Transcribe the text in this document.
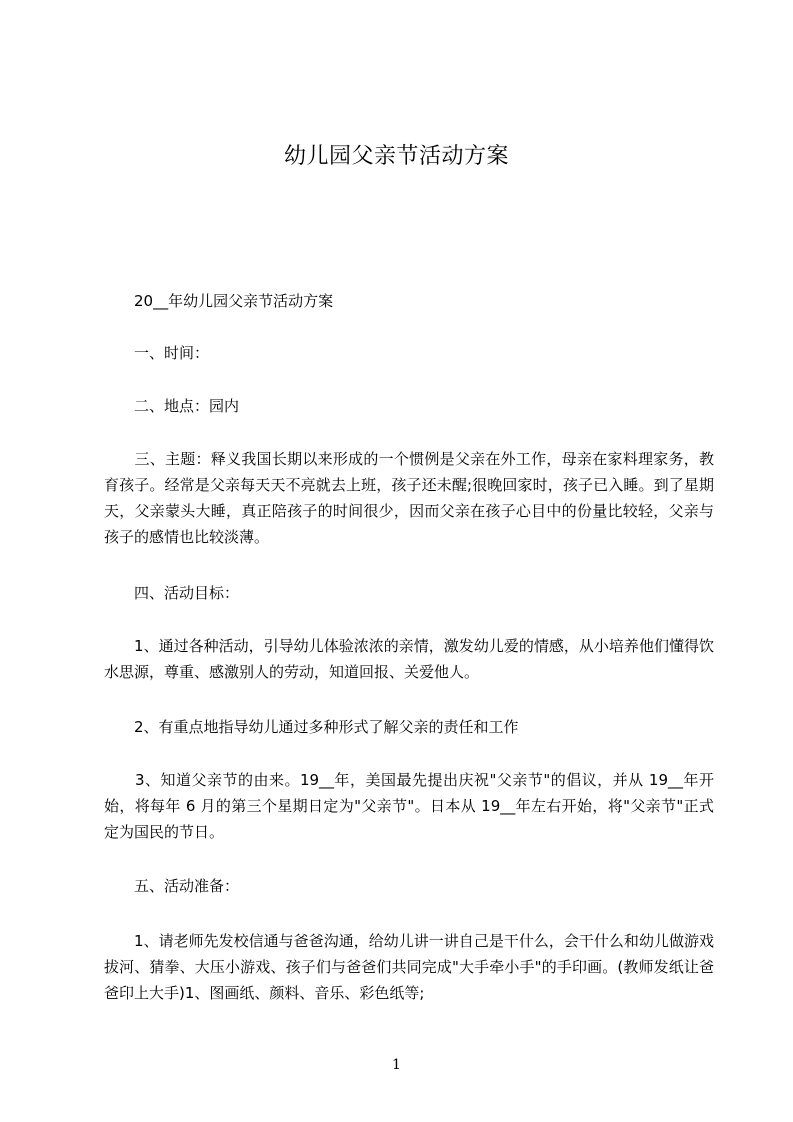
幼儿园父亲节活动方案

　　20__年幼儿园父亲节活动方案

　　一、时间：

　　二、地点：园内

　　三、主题：释义我国长期以来形成的一个惯例是父亲在外工作，母亲在家料理家务，教育孩子。经常是父亲每天天不亮就去上班，孩子还未醒;很晚回家时，孩子已入睡。到了星期天，父亲蒙头大睡，真正陪孩子的时间很少，因而父亲在孩子心目中的份量比较轻，父亲与孩子的感情也比较淡薄。

　　四、活动目标：

　　1、通过各种活动，引导幼儿体验浓浓的亲情，激发幼儿爱的情感，从小培养他们懂得饮水思源，尊重、感激别人的劳动，知道回报、关爱他人。

　　2、有重点地指导幼儿通过多种形式了解父亲的责任和工作

　　3、知道父亲节的由来。19__年，美国最先提出庆祝"父亲节"的倡议，并从 19__年开始，将每年 6 月的第三个星期日定为"父亲节"。日本从 19__年左右开始，将"父亲节"正式定为国民的节日。

　　五、活动准备：

　　1、请老师先发校信通与爸爸沟通，给幼儿讲一讲自己是干什么，会干什么和幼儿做游戏拔河、猜拳、大压小游戏、孩子们与爸爸们共同完成"大手牵小手"的手印画。(教师发纸让爸爸印上大手)1、图画纸、颜料、音乐、彩色纸等;

1
